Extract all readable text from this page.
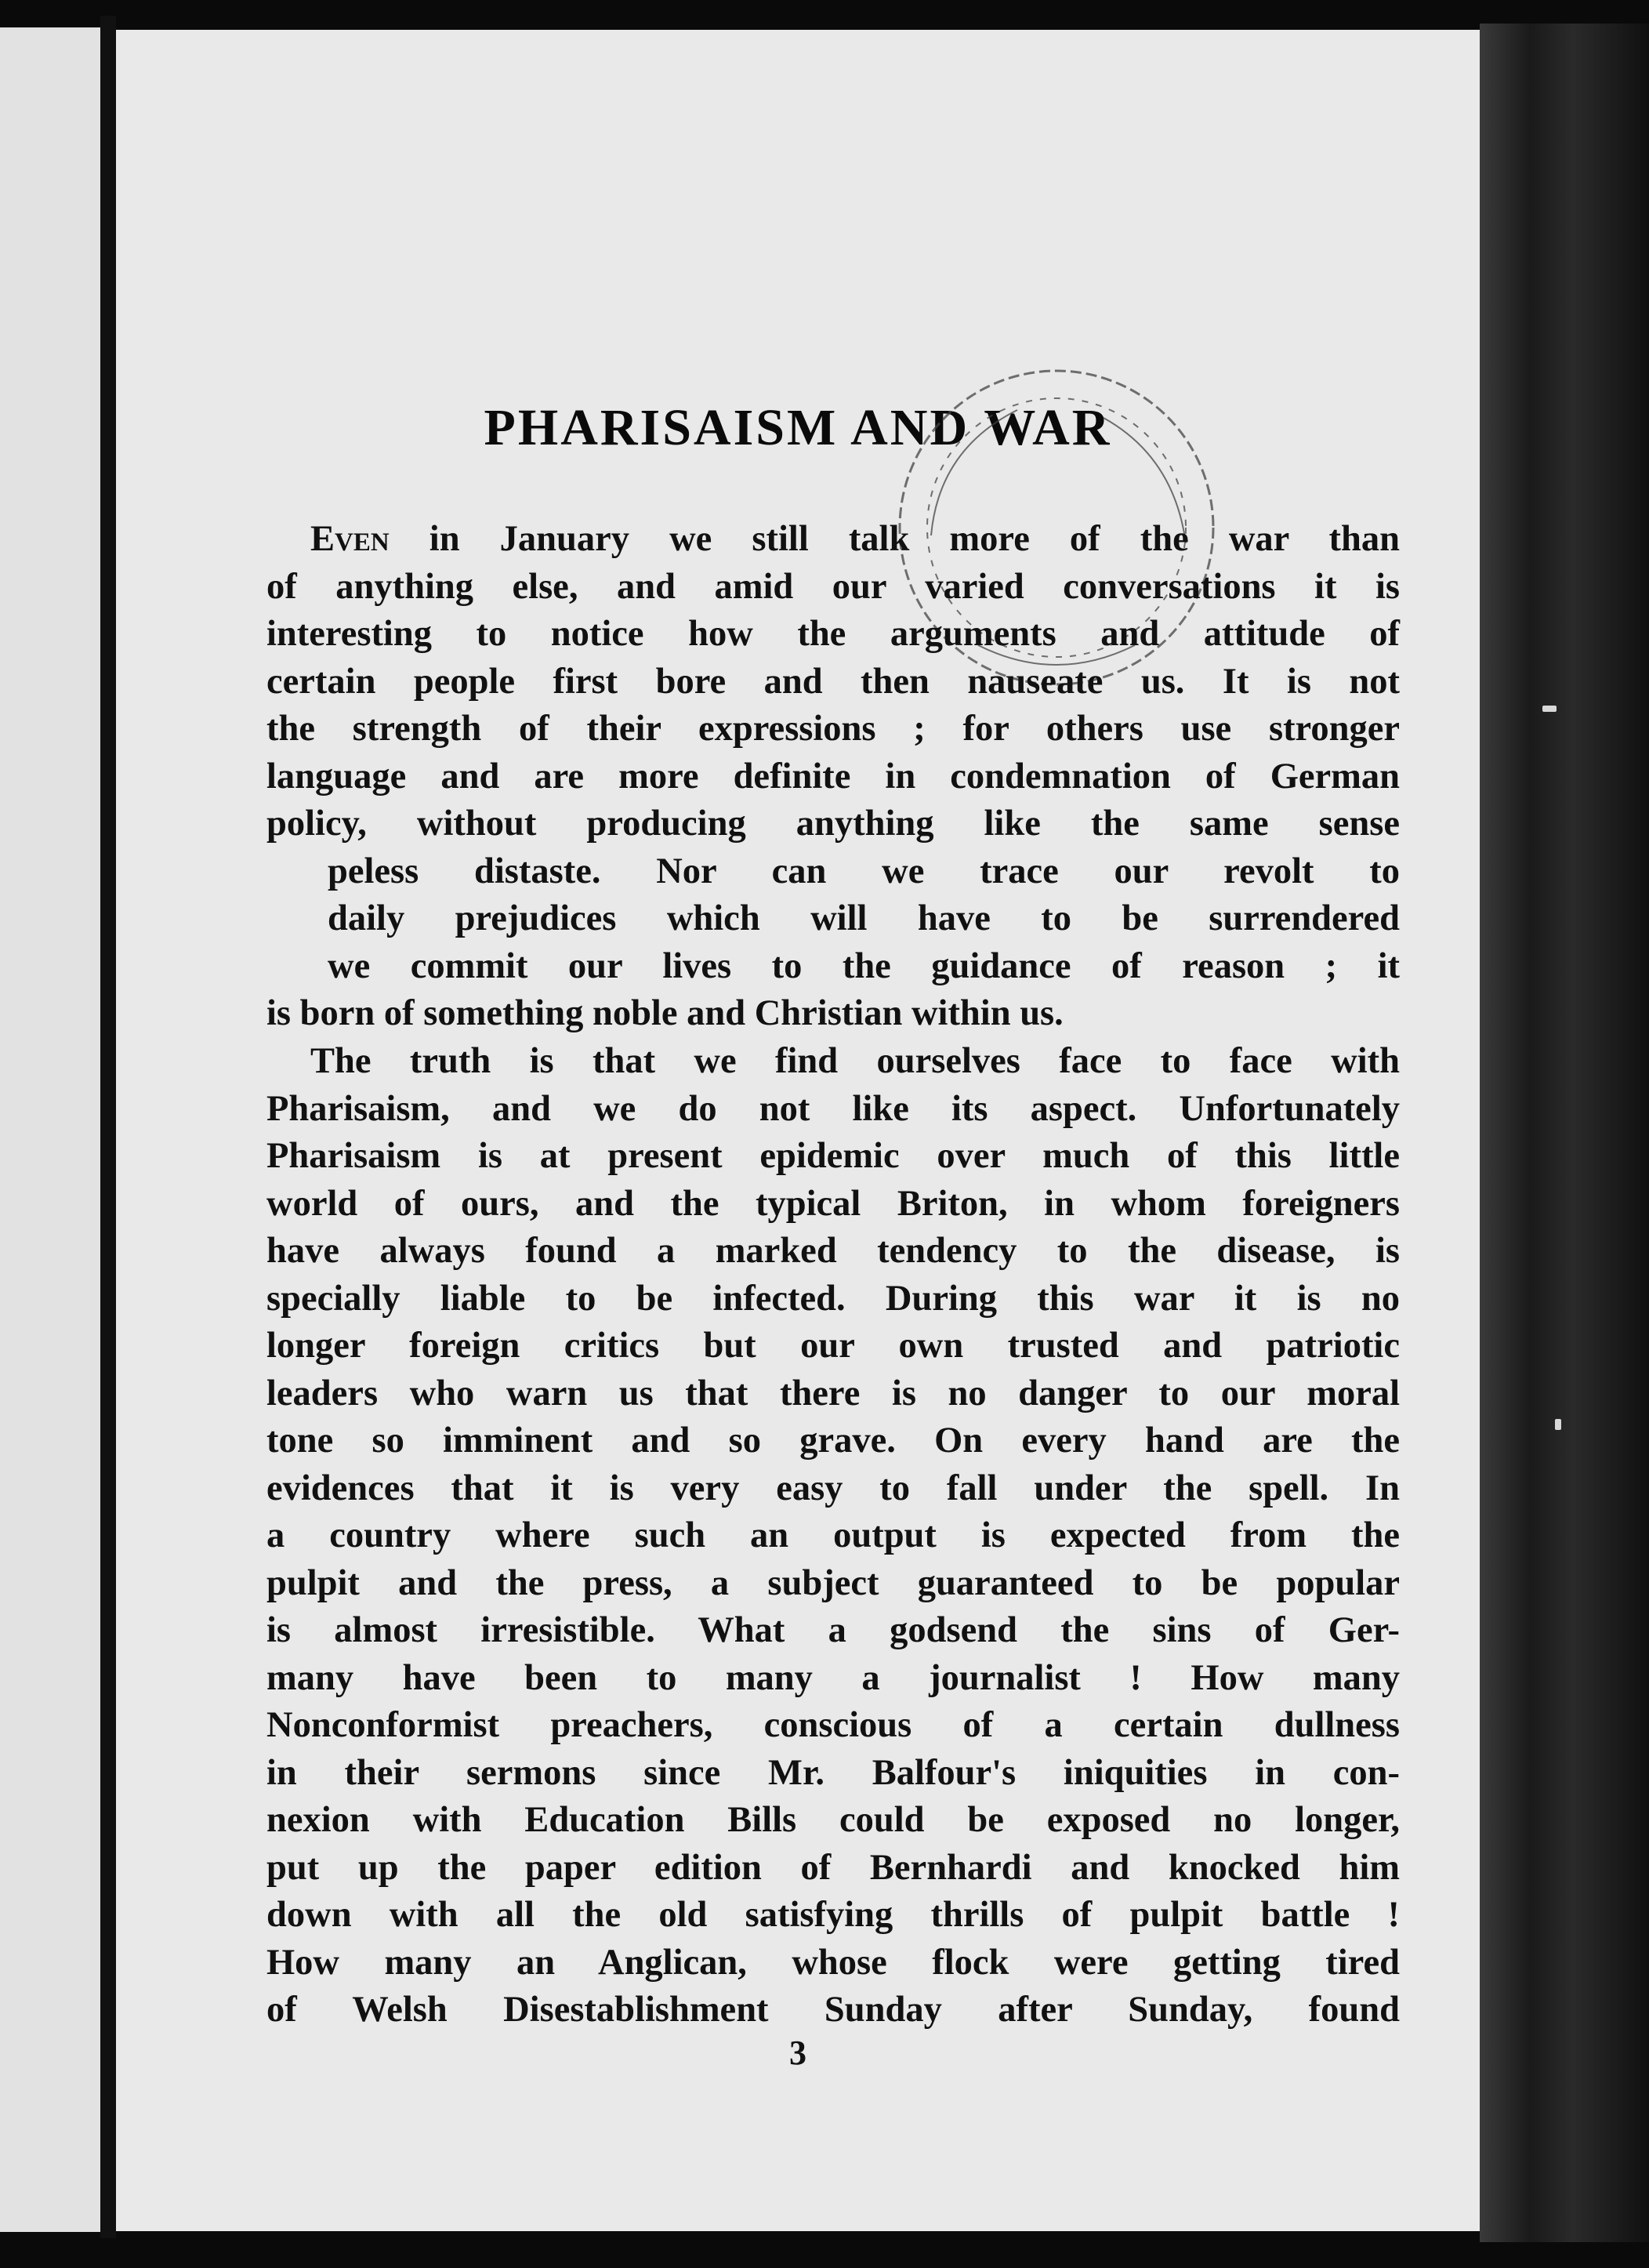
PHARISAISM AND WAR
Even in January we still talk more of the war than
of anything else, and amid our varied conversations it is
interesting to notice how the arguments and attitude of
certain people first bore and then nauseate us. It is not
the strength of their expressions ; for others use stronger
language and are more definite in condemnation of German
policy, without producing anything like the same sense
peless distaste. Nor can we trace our revolt to
daily prejudices which will have to be surrendered
we commit our lives to the guidance of reason ; it
is born of something noble and Christian within us.
The truth is that we find ourselves face to face with
Pharisaism, and we do not like its aspect. Unfortunately
Pharisaism is at present epidemic over much of this little
world of ours, and the typical Briton, in whom foreigners
have always found a marked tendency to the disease, is
specially liable to be infected. During this war it is no
longer foreign critics but our own trusted and patriotic
leaders who warn us that there is no danger to our moral
tone so imminent and so grave. On every hand are the
evidences that it is very easy to fall under the spell. In
a country where such an output is expected from the
pulpit and the press, a subject guaranteed to be popular
is almost irresistible. What a godsend the sins of Ger-
many have been to many a journalist ! How many
Nonconformist preachers, conscious of a certain dullness
in their sermons since Mr. Balfour's iniquities in con-
nexion with Education Bills could be exposed no longer,
put up the paper edition of Bernhardi and knocked him
down with all the old satisfying thrills of pulpit battle !
How many an Anglican, whose flock were getting tired
of Welsh Disestablishment Sunday after Sunday, found
3
